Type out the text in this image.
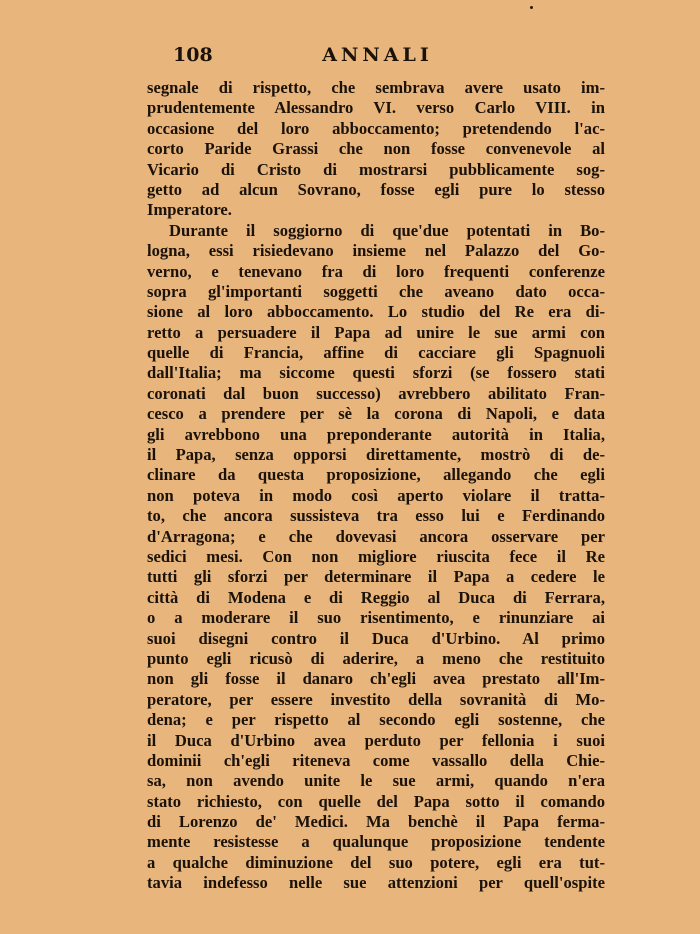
108	ANNALI
segnale di rispetto, che sembrava avere usato im-
prudentemente Alessandro VI. verso Carlo VIII. in
occasione del loro abboccamento; pretendendo l'ac-
corto Paride Grassi che non fosse convenevole al
Vicario di Cristo di mostrarsi pubblicamente sog-
getto ad alcun Sovrano, fosse egli pure lo stesso
Imperatore.
Durante il soggiorno di que'due potentati in Bo-
logna, essi risiedevano insieme nel Palazzo del Go-
verno, e tenevano fra di loro frequenti conferenze
sopra gl'importanti soggetti che aveano dato occa-
sione al loro abboccamento. Lo studio del Re era di-
retto a persuadere il Papa ad unire le sue armi con
quelle di Francia, affine di cacciare gli Spagnuoli
dall'Italia; ma siccome questi sforzi (se fossero stati
coronati dal buon successo) avrebbero abilitato Fran-
cesco a prendere per sè la corona di Napoli, e data
gli avrebbono una preponderante autorità in Italia,
il Papa, senza opporsi direttamente, mostrò di de-
clinare da questa proposizione, allegando che egli
non poteva in modo così aperto violare il tratta-
to, che ancora sussisteva tra esso lui e Ferdinando
d'Arragona; e che dovevasi ancora osservare per
sedici mesi. Con non migliore riuscita fece il Re
tutti gli sforzi per determinare il Papa a cedere le
città di Modena e di Reggio al Duca di Ferrara,
o a moderare il suo risentimento, e rinunziare ai
suoi disegni contro il Duca d'Urbino. Al primo
punto egli ricusò di aderire, a meno che restituito
non gli fosse il danaro ch'egli avea prestato all'Im-
peratore, per essere investito della sovranità di Mo-
dena; e per rispetto al secondo egli sostenne, che
il Duca d'Urbino avea perduto per fellonia i suoi
dominii ch'egli riteneva come vassallo della Chie-
sa, non avendo unite le sue armi, quando n'era
stato richiesto, con quelle del Papa sotto il comando
di Lorenzo de' Medici. Ma benchè il Papa ferma-
mente resistesse a qualunque proposizione tendente
a qualche diminuzione del suo potere, egli era tut-
tavia indefesso nelle sue attenzioni per quell'ospite
